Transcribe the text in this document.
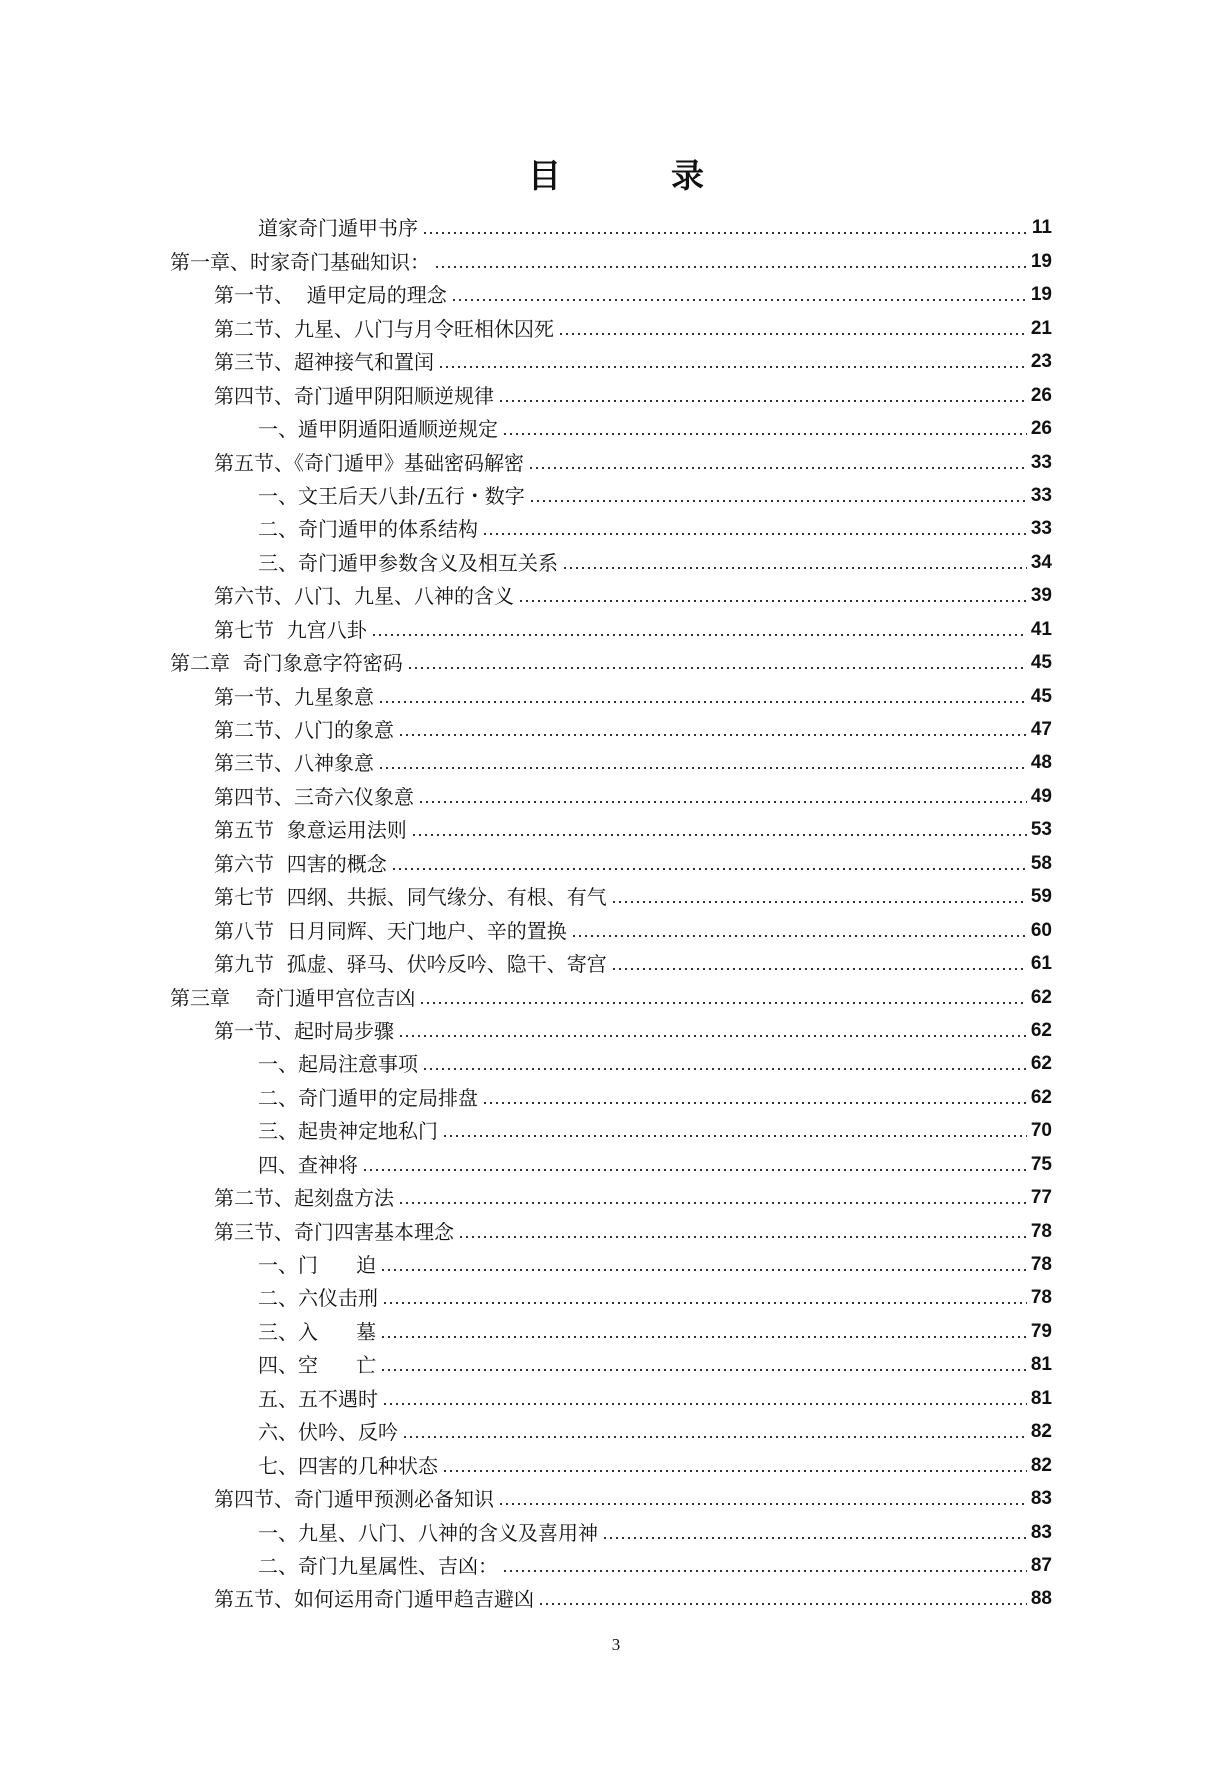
目	录
道家奇门遁甲书序	11
第一章、时家奇门基础知识：	19
第一节、  遁甲定局的理念	19
第二节、九星、八门与月令旺相休囚死	21
第三节、超神接气和置闰	23
第四节、奇门遁甲阴阳顺逆规律	26
一、遁甲阴遁阳遁顺逆规定	26
第五节、《奇门遁甲》基础密码解密	33
一、文王后天八卦/五行・数字	33
二、奇门遁甲的体系结构	33
三、奇门遁甲参数含义及相互关系	34
第六节、八门、九星、八神的含义	39
第七节  九宫八卦	41
第二章  奇门象意字符密码	45
第一节、九星象意	45
第二节、八门的象意	47
第三节、八神象意	48
第四节、三奇六仪象意	49
第五节  象意运用法则	53
第六节  四害的概念	58
第七节  四纲、共振、同气缘分、有根、有气	59
第八节  日月同辉、天门地户、辛的置换	60
第九节  孤虚、驿马、伏吟反吟、隐干、寄宫	61
第三章    奇门遁甲宫位吉凶	62
第一节、起时局步骤	62
一、起局注意事项	62
二、奇门遁甲的定局排盘	62
三、起贵神定地私门	70
四、查神将	75
第二节、起刻盘方法	77
第三节、奇门四害基本理念	78
一、门      迫	78
二、六仪击刑	78
三、入      墓	79
四、空      亡	81
五、五不遇时	81
六、伏吟、反吟	82
七、四害的几种状态	82
第四节、奇门遁甲预测必备知识	83
一、九星、八门、八神的含义及喜用神	83
二、奇门九星属性、吉凶：	87
第五节、如何运用奇门遁甲趋吉避凶	88
3
